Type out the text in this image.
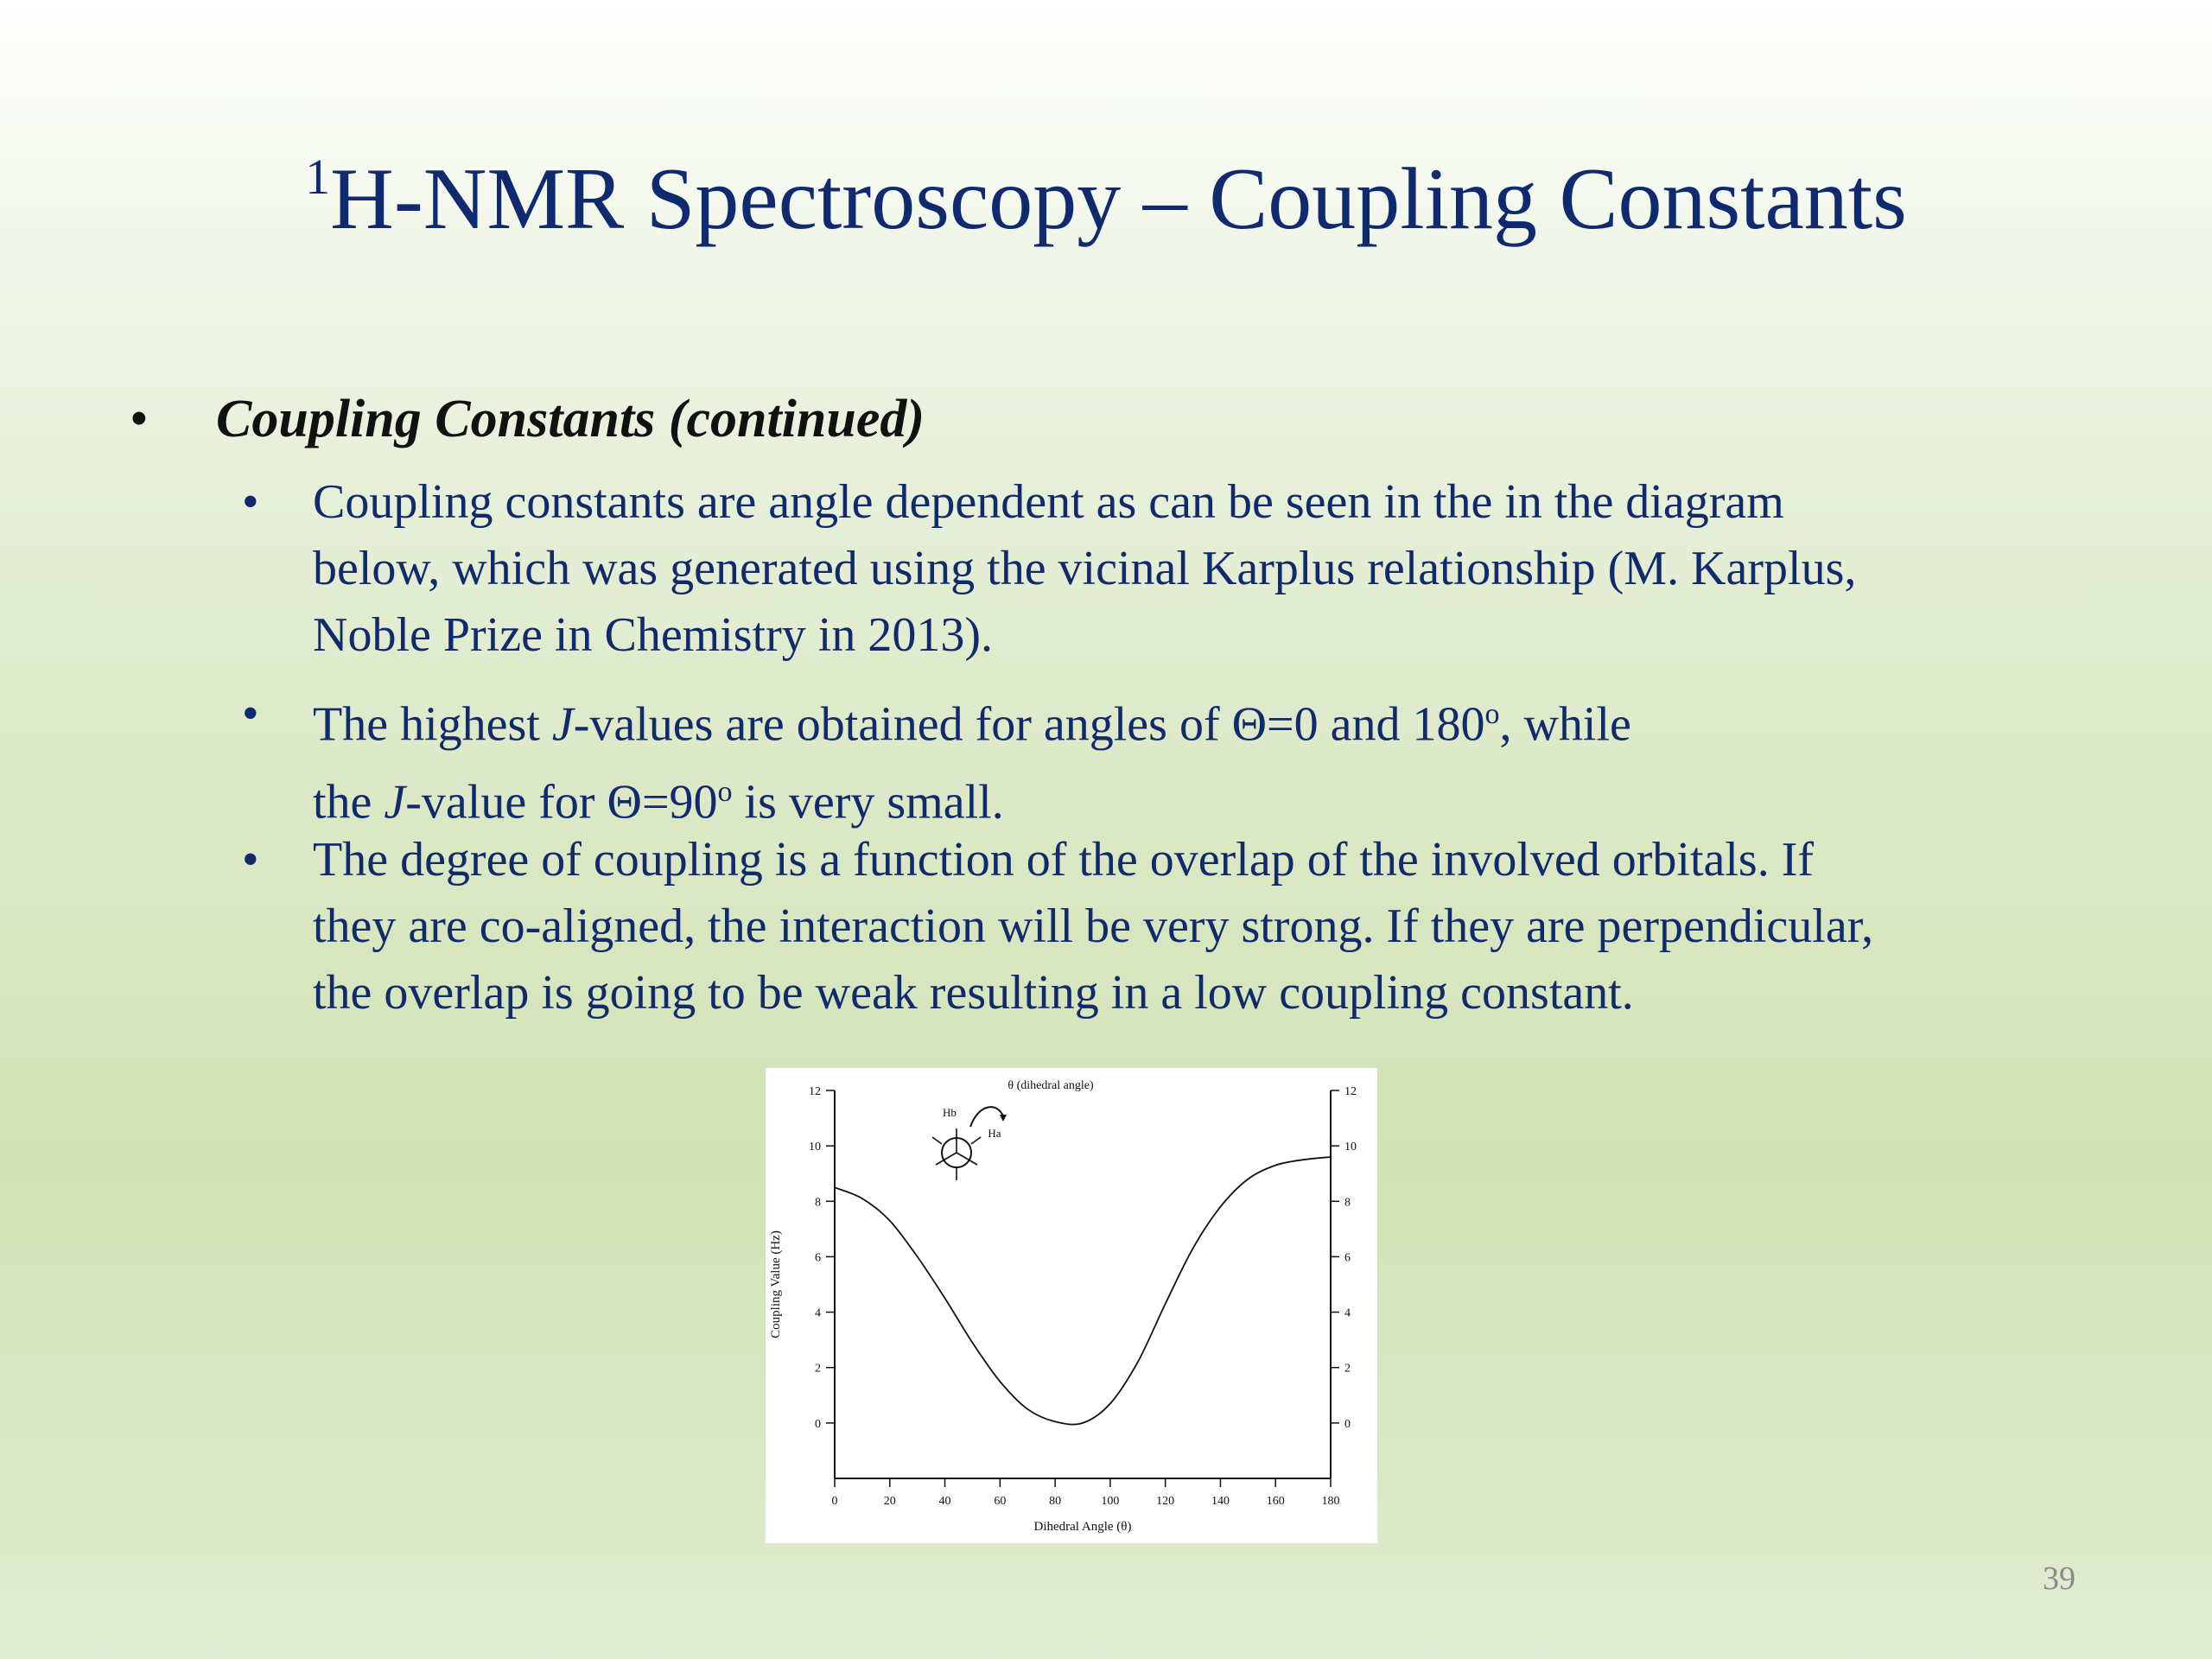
$^1$H-NMR Spectroscopy – Coupling Constants
• Coupling Constants (continued)
• Coupling constants are angle dependent as can be seen in the in the diagram
below, which was generated using the vicinal Karplus relationship (M. Karplus,
Noble Prize in Chemistry in 2013).
• The highest J-values are obtained for angles of Θ=0 and 180$^o$, while
the J-value for $\Theta=90^o$ is very small.
• The degree of coupling is a function of the overlap of the involved orbitals. If
they are co-aligned, the interaction will be very strong. If they are perpendicular,
the overlap is going to be weak resulting in a low coupling constant.
0	0
2	2
4	4
6	6
8	8
10	10
12	12
0	20	40	60	80	100	120	140	160	180
Dihedral Angle (θ)
Coupling Value (Hz)
θ (dihedral angle)
Hb
Ha
39
